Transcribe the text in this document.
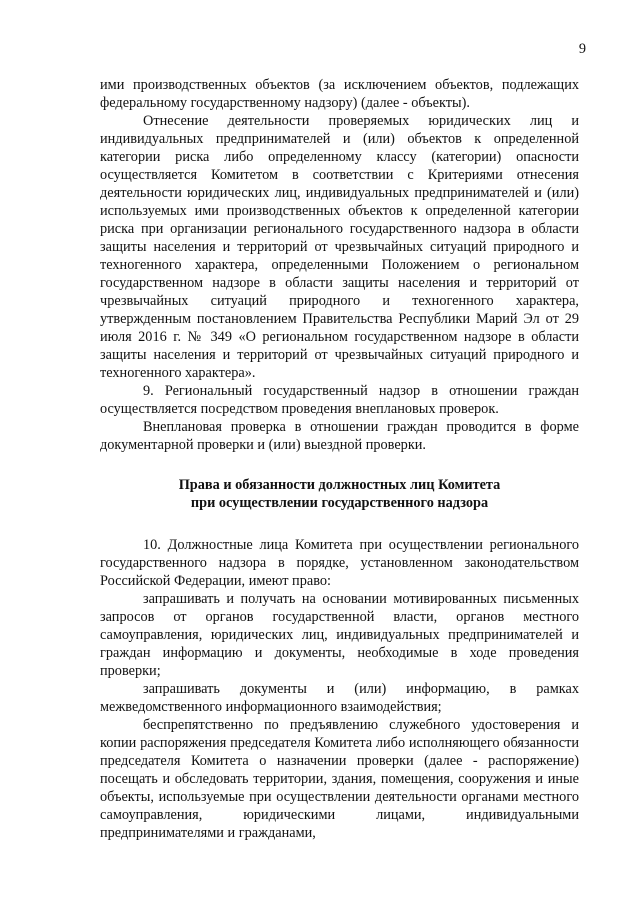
9

ими производственных объектов (за исключением объектов, подлежащих федеральному государственному надзору) (далее - объекты).

Отнесение деятельности проверяемых юридических лиц и индивидуальных предпринимателей и (или) объектов к определенной категории риска либо определенному классу (категории) опасности осуществляется Комитетом в соответствии с Критериями отнесения деятельности юридических лиц, индивидуальных предпринимателей и (или) используемых ими производственных объектов к определенной категории риска при организации регионального государственного надзора в области защиты населения и территорий от чрезвычайных ситуаций природного и техногенного характера, определенными Положением о региональном государственном надзоре в области защиты населения и территорий от чрезвычайных ситуаций природного и техногенного характера, утвержденным постановлением Правительства Республики Марий Эл от 29 июля 2016 г. № 349 «О региональном государственном надзоре в области защиты населения и территорий от чрезвычайных ситуаций природного и техногенного характера».

9. Региональный государственный надзор в отношении граждан осуществляется посредством проведения внеплановых проверок.

Внеплановая проверка в отношении граждан проводится в форме документарной проверки и (или) выездной проверки.

Права и обязанности должностных лиц Комитета

при осуществлении государственного надзора

10. Должностные лица Комитета при осуществлении регионального государственного надзора в порядке, установленном законодательством Российской Федерации, имеют право:

запрашивать и получать на основании мотивированных письменных запросов от органов государственной власти, органов местного самоуправления, юридических лиц, индивидуальных предпринимателей и граждан информацию и документы, необходимые в ходе проведения проверки;

запрашивать документы и (или) информацию, в рамках межведомственного информационного взаимодействия;

беспрепятственно по предъявлению служебного удостоверения и копии распоряжения председателя Комитета либо исполняющего обязанности председателя Комитета о назначении проверки (далее - распоряжение) посещать и обследовать территории, здания, помещения, сооружения и иные объекты, используемые при осуществлении деятельности органами местного самоуправления, юридическими лицами, индивидуальными предпринимателями и гражданами,
